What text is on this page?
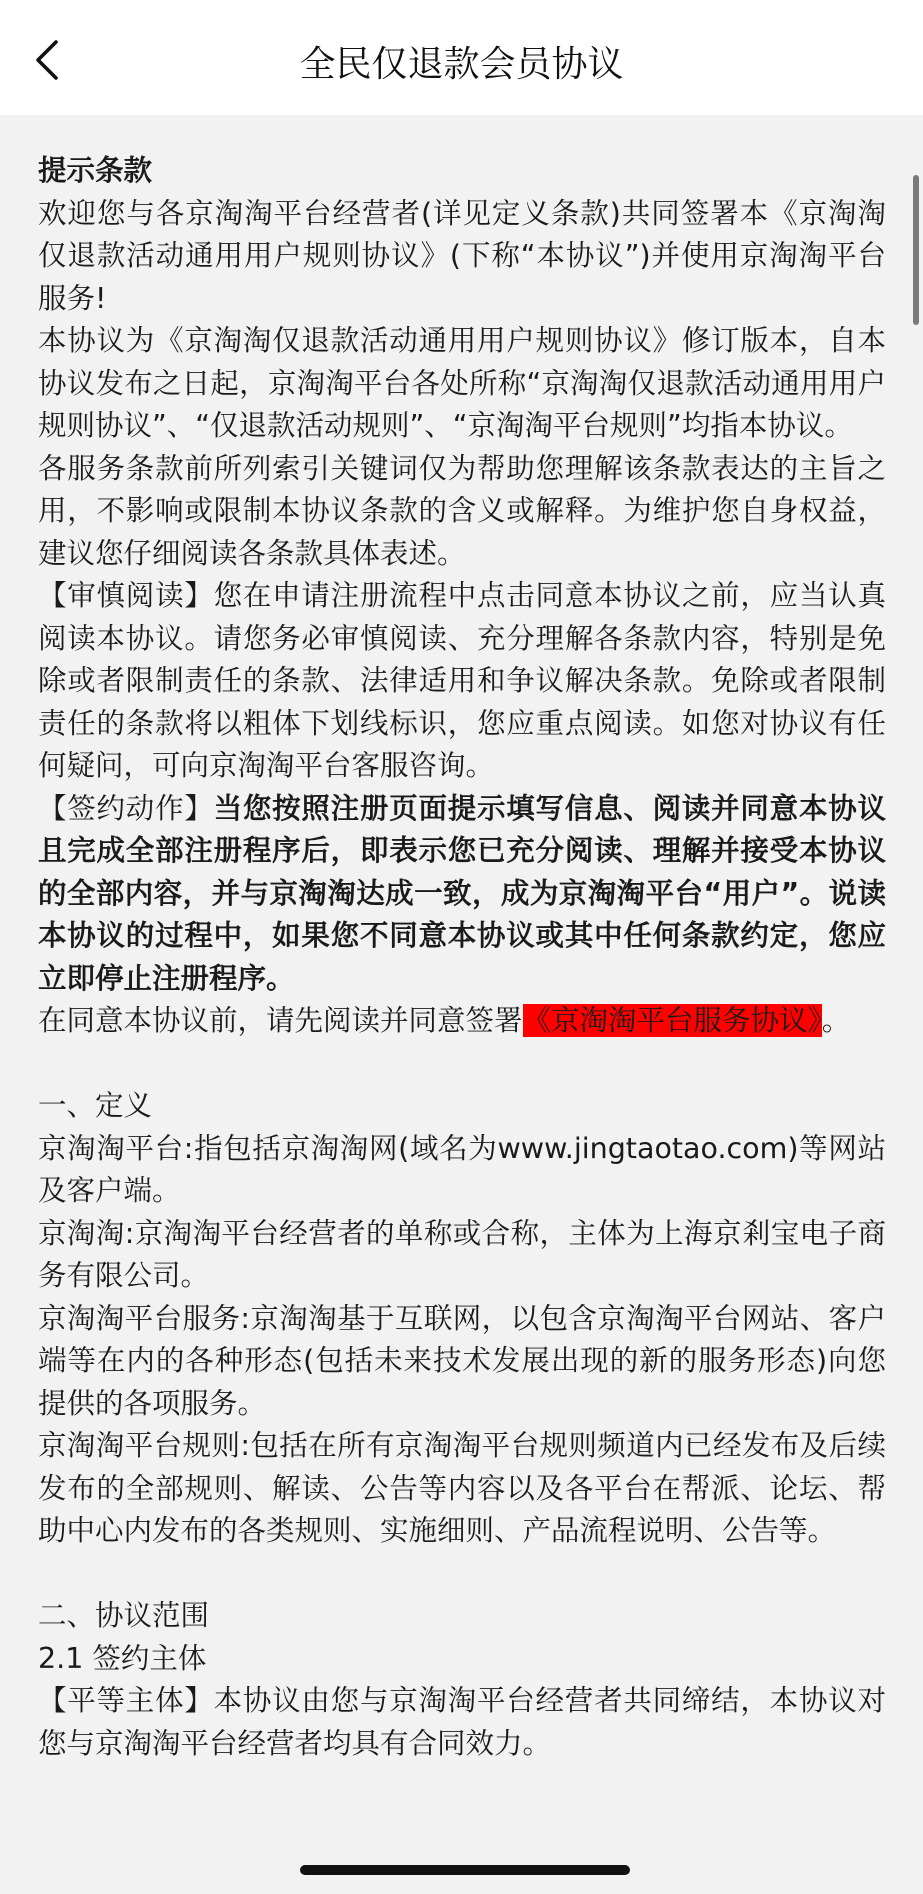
全民仅退款会员协议

提示条款

欢迎您与各京淘淘平台经营者(详见定义条款)共同签署本《京淘淘仅退款活动通用用户规则协议》(下称“本协议”)并使用京淘淘平台服务!

本协议为《京淘淘仅退款活动通用用户规则协议》修订版本，自本协议发布之日起，京淘淘平台各处所称“京淘淘仅退款活动通用用户规则协议”、“仅退款活动规则”、“京淘淘平台规则”均指本协议。

各服务条款前所列索引关键词仅为帮助您理解该条款表达的主旨之用，不影响或限制本协议条款的含义或解释。为维护您自身权益，建议您仔细阅读各条款具体表述。

【审慎阅读】您在申请注册流程中点击同意本协议之前，应当认真阅读本协议。请您务必审慎阅读、充分理解各条款内容，特别是免除或者限制责任的条款、法律适用和争议解决条款。免除或者限制责任的条款将以粗体下划线标识，您应重点阅读。如您对协议有任何疑问，可向京淘淘平台客服咨询。

【签约动作】当您按照注册页面提示填写信息、阅读并同意本协议且完成全部注册程序后，即表示您已充分阅读、理解并接受本协议的全部内容，并与京淘淘达成一致，成为京淘淘平台“用户”。说读本协议的过程中，如果您不同意本协议或其中任何条款约定，您应立即停止注册程序。

在同意本协议前，请先阅读并同意签署《京淘淘平台服务协议》。

一、定义

京淘淘平台:指包括京淘淘网(域名为www.jingtaotao.com)等网站及客户端。

京淘淘:京淘淘平台经营者的单称或合称，主体为上海京剎宝电子商务有限公司。

京淘淘平台服务:京淘淘基于互联网，以包含京淘淘平台网站、客户端等在内的各种形态(包括未来技术发展出现的新的服务形态)向您提供的各项服务。

京淘淘平台规则:包括在所有京淘淘平台规则频道内已经发布及后续发布的全部规则、解读、公告等内容以及各平台在帮派、论坛、帮助中心内发布的各类规则、实施细则、产品流程说明、公告等。

二、协议范围

2.1 签约主体

【平等主体】本协议由您与京淘淘平台经营者共同缔结，本协议对您与京淘淘平台经营者均具有合同效力。
